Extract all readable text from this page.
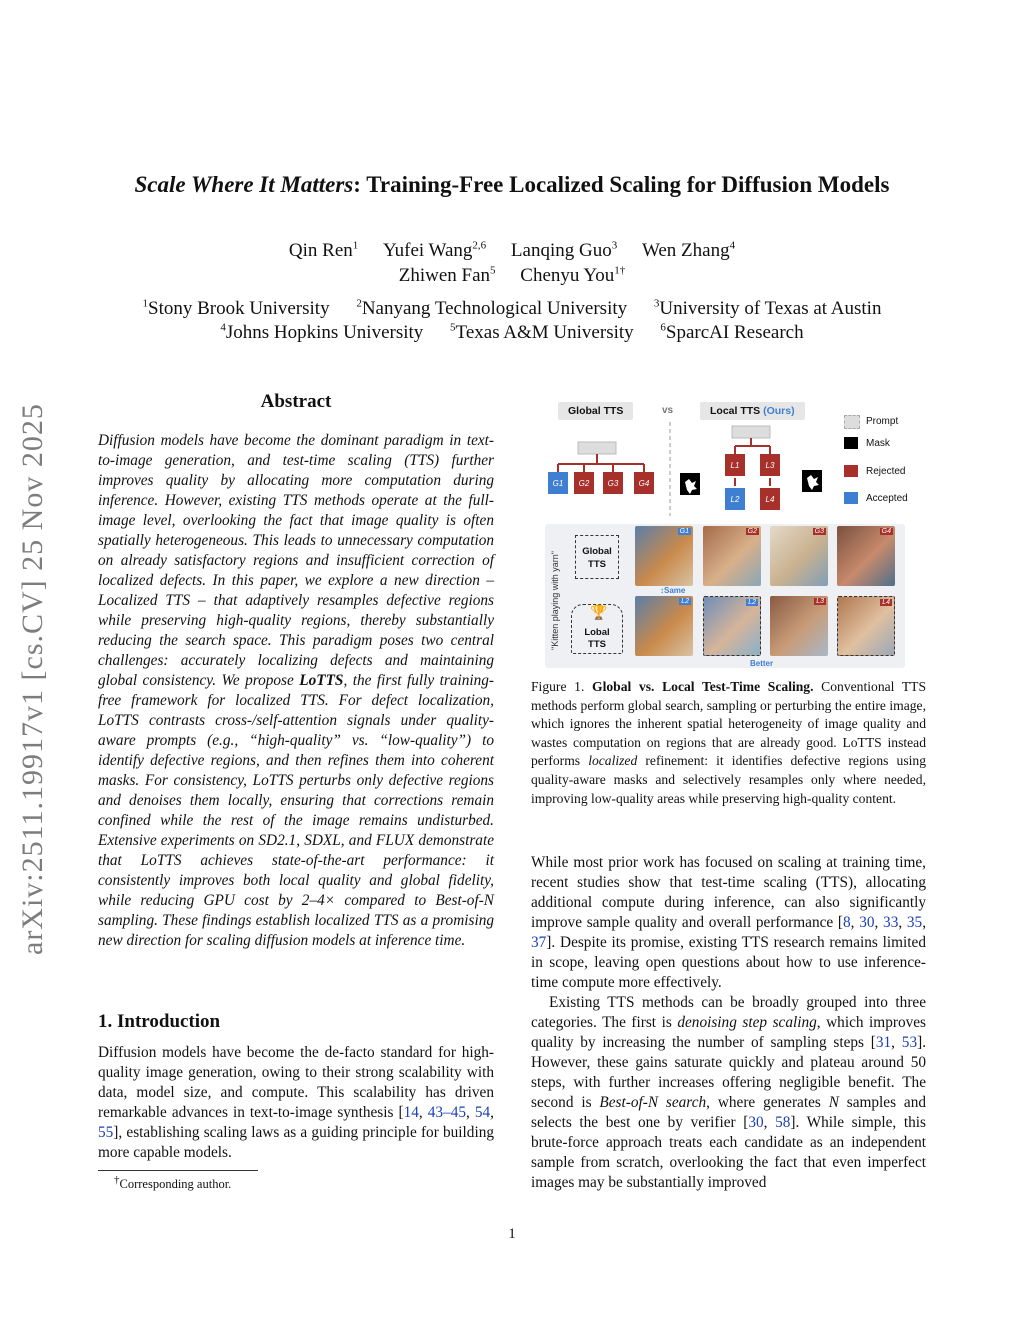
arXiv:2511.19917v1 [cs.CV] 25 Nov 2025
Scale Where It Matters: Training-Free Localized Scaling for Diffusion Models
Qin Ren$^1$ Yufei Wang$^{2,6}$ Lanqing Guo$^3$ Wen Zhang$^4$
Zhiwen Fan$^5$ Chenyu You$^{1\dagger}$
$^1$Stony Brook University $^2$Nanyang Technological University $^3$University of Texas at Austin
$^4$Johns Hopkins University $^5$Texas A&M University $^6$SparcAI Research
Abstract
Diffusion models have become the dominant paradigm in text-to-image generation, and test-time scaling (TTS) further improves quality by allocating more computation during inference. However, existing TTS methods operate at the full-image level, overlooking the fact that image quality is often spatially heterogeneous. This leads to unnecessary computation on already satisfactory regions and insufficient correction of localized defects. In this paper, we explore a new direction – Localized TTS – that adaptively resamples defective regions while preserving high-quality regions, thereby substantially reducing the search space. This paradigm poses two central challenges: accurately localizing defects and maintaining global consistency. We propose LoTTS, the first fully training-free framework for localized TTS. For defect localization, LoTTS contrasts cross-/self-attention signals under quality-aware prompts (e.g., “high-quality” vs. “low-quality”) to identify defective regions, and then refines them into coherent masks. For consistency, LoTTS perturbs only defective regions and denoises them locally, ensuring that corrections remain confined while the rest of the image remains undisturbed. Extensive experiments on SD2.1, SDXL, and FLUX demonstrate that LoTTS achieves state-of-the-art performance: it consistently improves both local quality and global fidelity, while reducing GPU cost by 2–4× compared to Best-of-N sampling. These findings establish localized TTS as a promising new direction for scaling diffusion models at inference time.
1. Introduction
Diffusion models have become the de-facto standard for high-quality image generation, owing to their strong scalability with data, model size, and compute. This scalability has driven remarkable advances in text-to-image synthesis [14, 43–45, 54, 55], establishing scaling laws as a guiding principle for building more capable models.
†Corresponding author.
Global TTS	vs	Local TTS (Ours)
G1	G2	G3	G4
L1	L3
L2	L4
Prompt
Mask
Rejected
Accepted
"Kitten playing with yarn" Global TTS
Lobal TTS
🏆
G1	G2	G3	G4
↕Same
L2	L2	L3	L4
Better
Figure 1. Global vs. Local Test-Time Scaling. Conventional TTS methods perform global search, sampling or perturbing the entire image, which ignores the inherent spatial heterogeneity of image quality and wastes computation on regions that are already good. LoTTS instead performs localized refinement: it identifies defective regions using quality-aware masks and selectively resamples only where needed, improving low-quality areas while preserving high-quality content.
While most prior work has focused on scaling at training time, recent studies show that test-time scaling (TTS), allocating additional compute during inference, can also significantly improve sample quality and overall performance [8, 30, 33, 35, 37]. Despite its promise, existing TTS research remains limited in scope, leaving open questions about how to use inference-time compute more effectively.
Existing TTS methods can be broadly grouped into three categories. The first is denoising step scaling, which improves quality by increasing the number of sampling steps [31, 53]. However, these gains saturate quickly and plateau around 50 steps, with further increases offering negligible benefit. The second is Best-of-N search, where generates N samples and selects the best one by verifier [30, 58]. While simple, this brute-force approach treats each candidate as an independent sample from scratch, overlooking the fact that even imperfect images may be substantially improved
1
